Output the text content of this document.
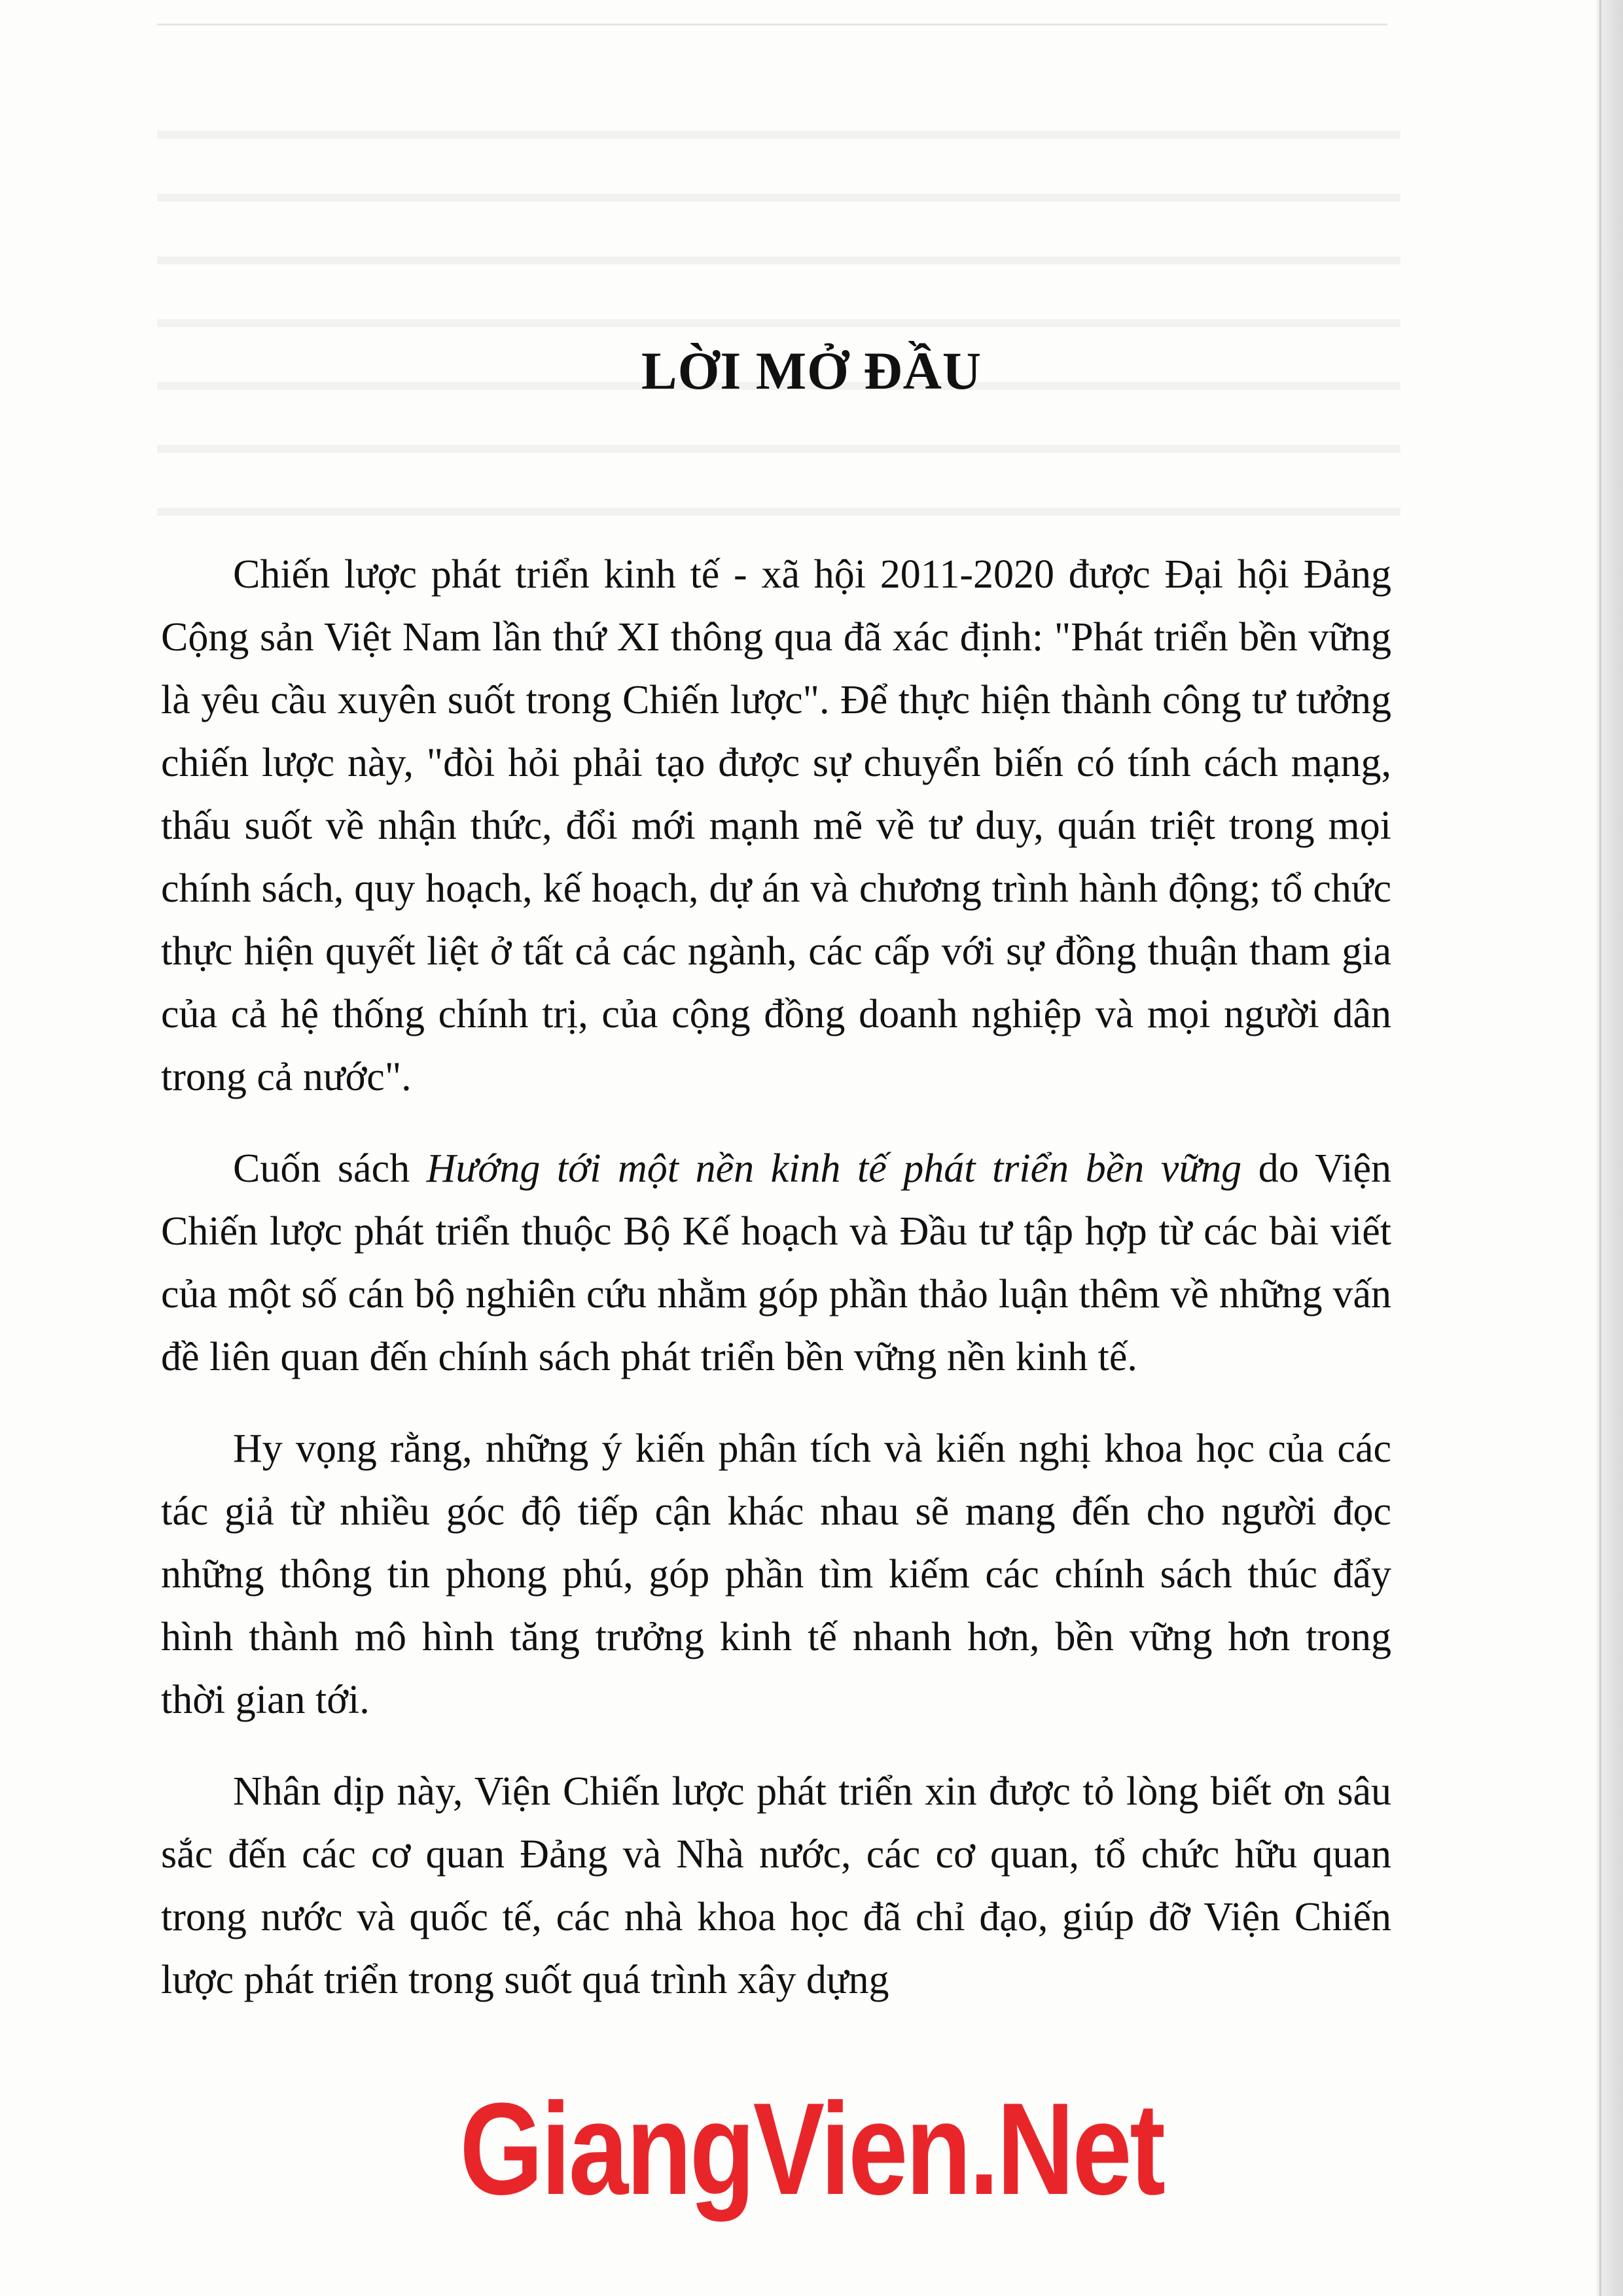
LỜI MỞ ĐẦU

Chiến lược phát triển kinh tế - xã hội 2011-2020 được Đại hội Đảng Cộng sản Việt Nam lần thứ XI thông qua đã xác định: "Phát triển bền vững là yêu cầu xuyên suốt trong Chiến lược". Để thực hiện thành công tư tưởng chiến lược này, "đòi hỏi phải tạo được sự chuyển biến có tính cách mạng, thấu suốt về nhận thức, đổi mới mạnh mẽ về tư duy, quán triệt trong mọi chính sách, quy hoạch, kế hoạch, dự án và chương trình hành động; tổ chức thực hiện quyết liệt ở tất cả các ngành, các cấp với sự đồng thuận tham gia của cả hệ thống chính trị, của cộng đồng doanh nghiệp và mọi người dân trong cả nước".

Cuốn sách Hướng tới một nền kinh tế phát triển bền vững do Viện Chiến lược phát triển thuộc Bộ Kế hoạch và Đầu tư tập hợp từ các bài viết của một số cán bộ nghiên cứu nhằm góp phần thảo luận thêm về những vấn đề liên quan đến chính sách phát triển bền vững nền kinh tế.

Hy vọng rằng, những ý kiến phân tích và kiến nghị khoa học của các tác giả từ nhiều góc độ tiếp cận khác nhau sẽ mang đến cho người đọc những thông tin phong phú, góp phần tìm kiếm các chính sách thúc đẩy hình thành mô hình tăng trưởng kinh tế nhanh hơn, bền vững hơn trong thời gian tới.

Nhân dịp này, Viện Chiến lược phát triển xin được tỏ lòng biết ơn sâu sắc đến các cơ quan Đảng và Nhà nước, các cơ quan, tổ chức hữu quan trong nước và quốc tế, các nhà khoa học đã chỉ đạo, giúp đỡ Viện Chiến lược phát triển trong suốt quá trình xây dựng

GiangVien.Net
